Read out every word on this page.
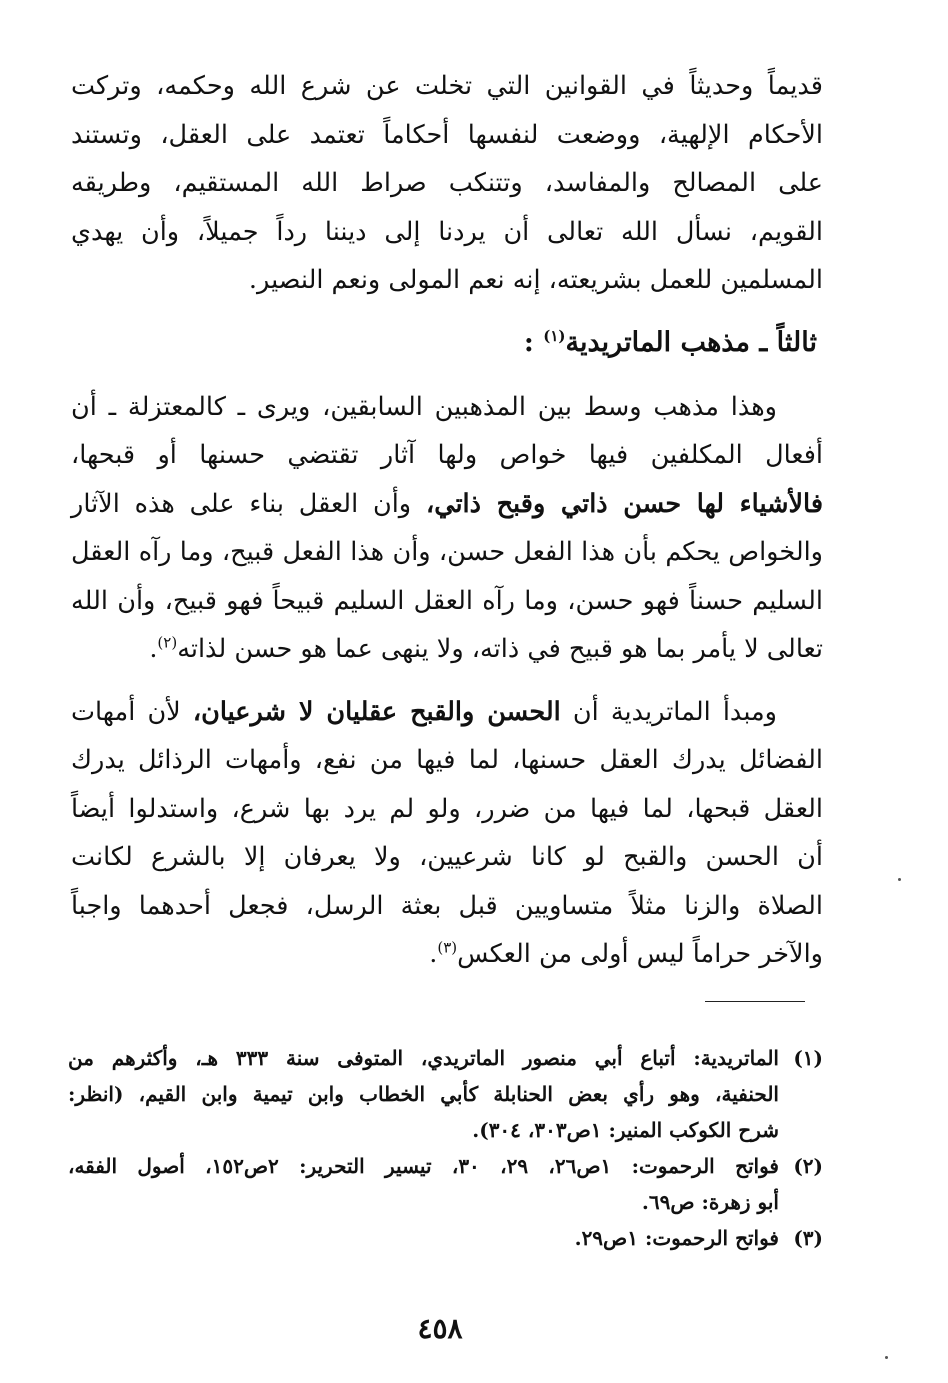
قديماً وحديثاً في القوانين التي تخلت عن شرع الله وحكمه، وتركت
الأحكام الإلهية، ووضعت لنفسها أحكاماً تعتمد على العقل، وتستند
على المصالح والمفاسد، وتتنكب صراط الله المستقيم، وطريقه
القويم، نسأل الله تعالى أن يردنا إلى ديننا رداً جميلاً، وأن يهدي
المسلمين للعمل بشريعته، إنه نعم المولى ونعم النصير.

ثالثاً ـ مذهب الماتريدية$^{(١)}$ :

وهذا مذهب وسط بين المذهبين السابقين، ويرى ـ كالمعتزلة ـ أن
أفعال المكلفين فيها خواص ولها آثار تقتضي حسنها أو قبحها،
فالأشياء لها حسن ذاتي وقبح ذاتي، وأن العقل بناء على هذه الآثار
والخواص يحكم بأن هذا الفعل حسن، وأن هذا الفعل قبيح، وما رآه العقل
السليم حسناً فهو حسن، وما رآه العقل السليم قبيحاً فهو قبيح، وأن الله
تعالى لا يأمر بما هو قبيح في ذاته، ولا ينهى عما هو حسن لذاته$^{(٢)}$.

ومبدأ الماتريدية أن الحسن والقبح عقليان لا شرعيان، لأن أمهات
الفضائل يدرك العقل حسنها، لما فيها من نفع، وأمهات الرذائل يدرك
العقل قبحها، لما فيها من ضرر، ولو لم يرد بها شرع، واستدلوا أيضاً
أن الحسن والقبح لو كانا شرعيين، ولا يعرفان إلا بالشرع لكانت
الصلاة والزنا مثلاً متساويين قبل بعثة الرسل، فجعل أحدهما واجباً
والآخر حراماً ليس أولى من العكس$^{(٣)}$.

(١)
الماتريدية: أتباع أبي منصور الماتريدي، المتوفى سنة ٣٣٣ هـ، وأكثرهم من
الحنفية، وهو رأي بعض الحنابلة كأبي الخطاب وابن تيمية وابن القيم، (انظر:
شرح الكوكب المنير: ١ص٣٠٣، ٣٠٤).
(٢)
فواتح الرحموت: ١ص٢٦، ٢٩، ٣٠، تيسير التحرير: ٢ص١٥٢، أصول الفقه،
أبو زهرة: ص٦٩.
(٣)
فواتح الرحموت: ١ص٢٩.
٤٥٨
